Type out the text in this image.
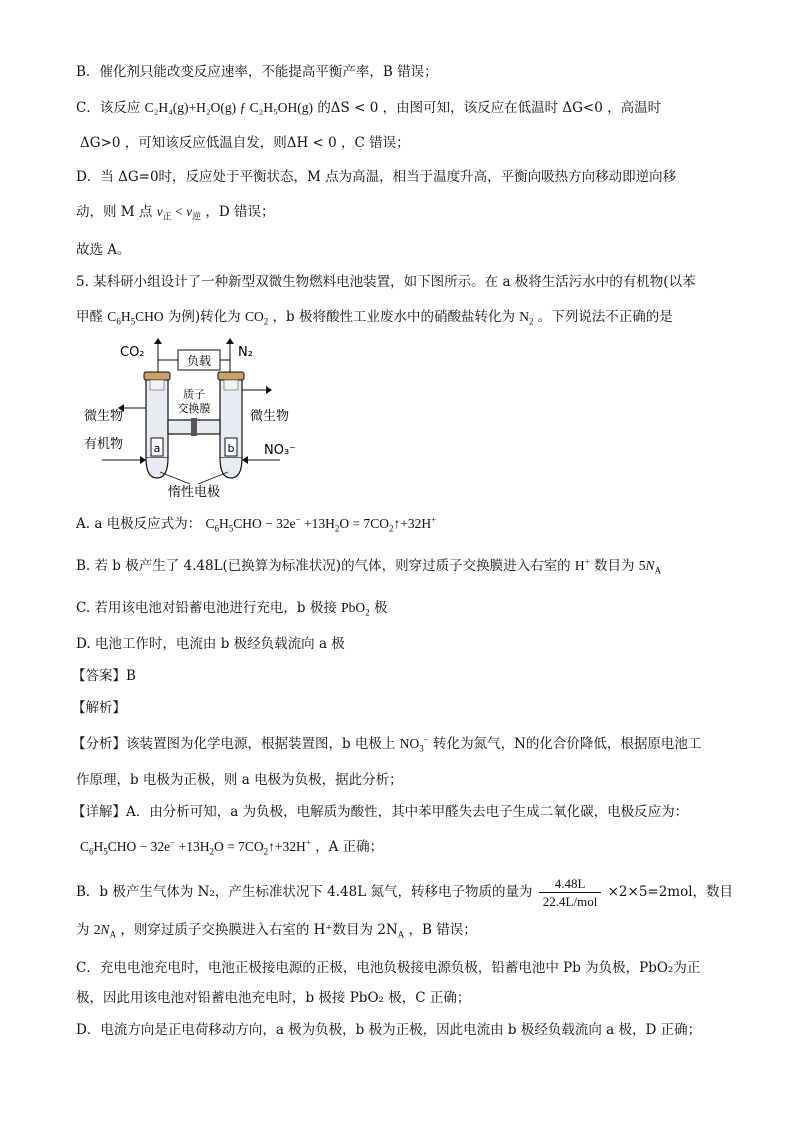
B．催化剂只能改变反应速率，不能提高平衡产率，B 错误；
C．该反应 C₂H₄(g)+H₂O(g) ƒ C₂H₅OH(g) 的ΔS < 0 ，由图可知，该反应在低温时 ΔG<0 ，高温时
ΔG>0 ，可知该反应低温自发，则ΔH < 0 ，C 错误；
D．当 ΔG=0时，反应处于平衡状态，M 点为高温，相当于温度升高，平衡向吸热方向移动即逆向移
动，则 M 点 $v_正 < v_逆$ ，D 错误；
故选 A。
5. 某科研小组设计了一种新型双微生物燃料电池装置，如下图所示。在 a 极将生活污水中的有机物(以苯
甲醛 $C_6H_5CHO$ 为例)转化为 $CO_2$ ，b 极将酸性工业废水中的硝酸盐转化为 $N_2$ 。下列说法不正确的是
负载
CO₂	N₂
质子
交换膜
a	b
微生物	微生物
有机物	NO₃⁻
惰性电极
A. a 电极反应式为： $C_6H_5CHO - 32e^- +13H_2O$ = $7CO_2↑+32H^+$
B. 若 b 极产生了 4.48L(已换算为标准状况)的气体，则穿过质子交换膜进入右室的 H+ 数目为 $5N_A$
C. 若用该电池对铅蓄电池进行充电，b 极接 PbO$_2$ 极
D. 电池工作时，电流由 b 极经负载流向 a 极
【答案】B
【解析】
【分析】该装置图为化学电源，根据装置图，b 电极上 $NO_3^-$ 转化为氮气，N的化合价降低，根据原电池工
作原理，b 电极为正极，则 a 电极为负极，据此分析；
【详解】A．由分析可知，a 为负极，电解质为酸性，其中苯甲醛失去电子生成二氧化碳，电极反应为：
$C_6H_5CHO - 32e^- +13H_2O$ = $7CO_2↑+32H^+$ ，A 正确；
B．b 极产生气体为 N₂，产生标准状况下 4.48L 氮气，转移电子物质的量为 $\frac{4.48L}{\text{22.4L/mol}} \times 2\times 5=2mol$，数目
为 $2N_A$ ，则穿过质子交换膜进入右室的 H⁺数目为 $2N_A$ ，B 错误；
C．充电电池充电时，电池正极接电源的正极，电池负极接电源负极，铅蓄电池中 Pb 为负极，PbO₂为正
极，因此用该电池对铅蓄电池充电时，b 极接 PbO₂ 极，C 正确；
D．电流方向是正电荷移动方向，a 极为负极，b 极为正极，因此电流由 b 极经负载流向 a 极，D 正确；
